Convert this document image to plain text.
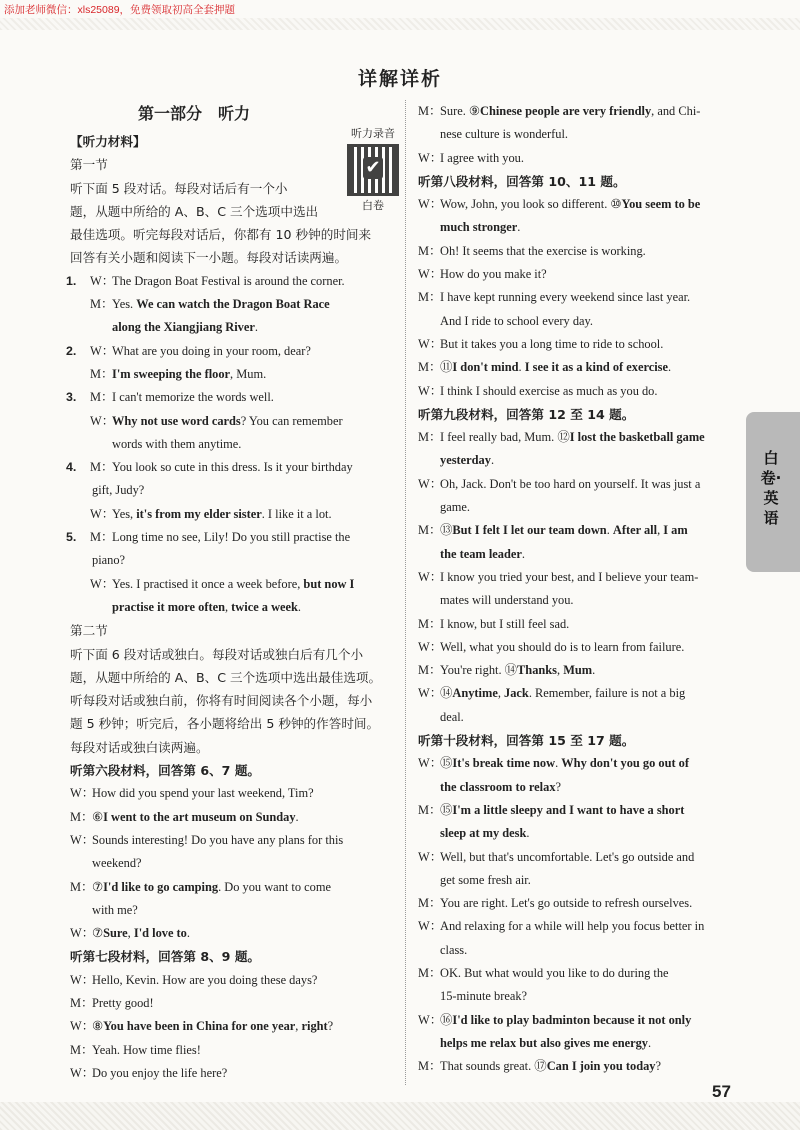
添加老师微信：xls25089，免费领取初高全套押题
详解详析
第一部分　听力
听力录音
✔
白卷
【听力材料】
第一节
听下面 5 段对话。每段对话后有一个小
题，从题中所给的 A、B、C 三个选项中选出
最佳选项。听完每段对话后，你都有 10 秒钟的时间来
回答有关小题和阅读下一小题。每段对话读两遍。
1. W：
The Dragon Boat Festival is around the corner.
M：
Yes. We can watch the Dragon Boat Race
along the Xiangjiang River.
2. W：
What are you doing in your room, dear?
M：
I'm sweeping the floor, Mum.
3. M：
I can't memorize the words well.
W：
Why not use word cards? You can remember
words with them anytime.
4. M：
You look so cute in this dress. Is it your birthday
gift, Judy?
W：
Yes, it's from my elder sister. I like it a lot.
5. M：
Long time no see, Lily! Do you still practise the
piano?
W：
Yes. I practised it once a week before, but now I
practise it more often, twice a week.
第二节
听下面 6 段对话或独白。每段对话或独白后有几个小
题，从题中所给的 A、B、C 三个选项中选出最佳选项。
听每段对话或独白前，你将有时间阅读各个小题，每小
题 5 秒钟；听完后，各小题将给出 5 秒钟的作答时间。
每段对话或独白读两遍。
听第六段材料，回答第 6、7 题。
W：
How did you spend your last weekend, Tim?
M：
⑥I went to the art museum on Sunday.
W：
Sounds interesting! Do you have any plans for this
weekend?
M：
⑦I'd like to go camping. Do you want to come
with me?
W：
⑦Sure, I'd love to.
听第七段材料，回答第 8、9 题。
W：
Hello, Kevin. How are you doing these days?
M：
Pretty good!
W：
⑧You have been in China for one year, right?
M：
Yeah. How time flies!
W：
Do you enjoy the life here?
M：
Sure. ⑨Chinese people are very friendly, and Chi-
nese culture is wonderful.
W：
I agree with you.
听第八段材料，回答第 10、11 题。
W：
Wow, John, you look so different. ⑩You seem to be
much stronger.
M：
Oh! It seems that the exercise is working.
W：
How do you make it?
M：
I have kept running every weekend since last year.
And I ride to school every day.
W：
But it takes you a long time to ride to school.
M：
⑪I don't mind. I see it as a kind of exercise.
W：
I think I should exercise as much as you do.
听第九段材料，回答第 12 至 14 题。
M：
I feel really bad, Mum. ⑫I lost the basketball game
yesterday.
W：
Oh, Jack. Don't be too hard on yourself. It was just a
game.
M：
⑬But I felt I let our team down. After all, I am
the team leader.
W：
I know you tried your best, and I believe your team-
mates will understand you.
M：
I know, but I still feel sad.
W：
Well, what you should do is to learn from failure.
M：
You're right. ⑭Thanks, Mum.
W：
⑭Anytime, Jack. Remember, failure is not a big
deal.
听第十段材料，回答第 15 至 17 题。
W：
⑮It's break time now. Why don't you go out of
the classroom to relax?
M：
⑮I'm a little sleepy and I want to have a short
sleep at my desk.
W：
Well, but that's uncomfortable. Let's go outside and
get some fresh air.
M：
You are right. Let's go outside to refresh ourselves.
W：
And relaxing for a while will help you focus better in
class.
M：
OK. But what would you like to do during the
15-minute break?
W：
⑯I'd like to play badminton because it not only
helps me relax but also gives me energy.
M：
That sounds great. ⑰Can I join you today?
白卷·英语
57
